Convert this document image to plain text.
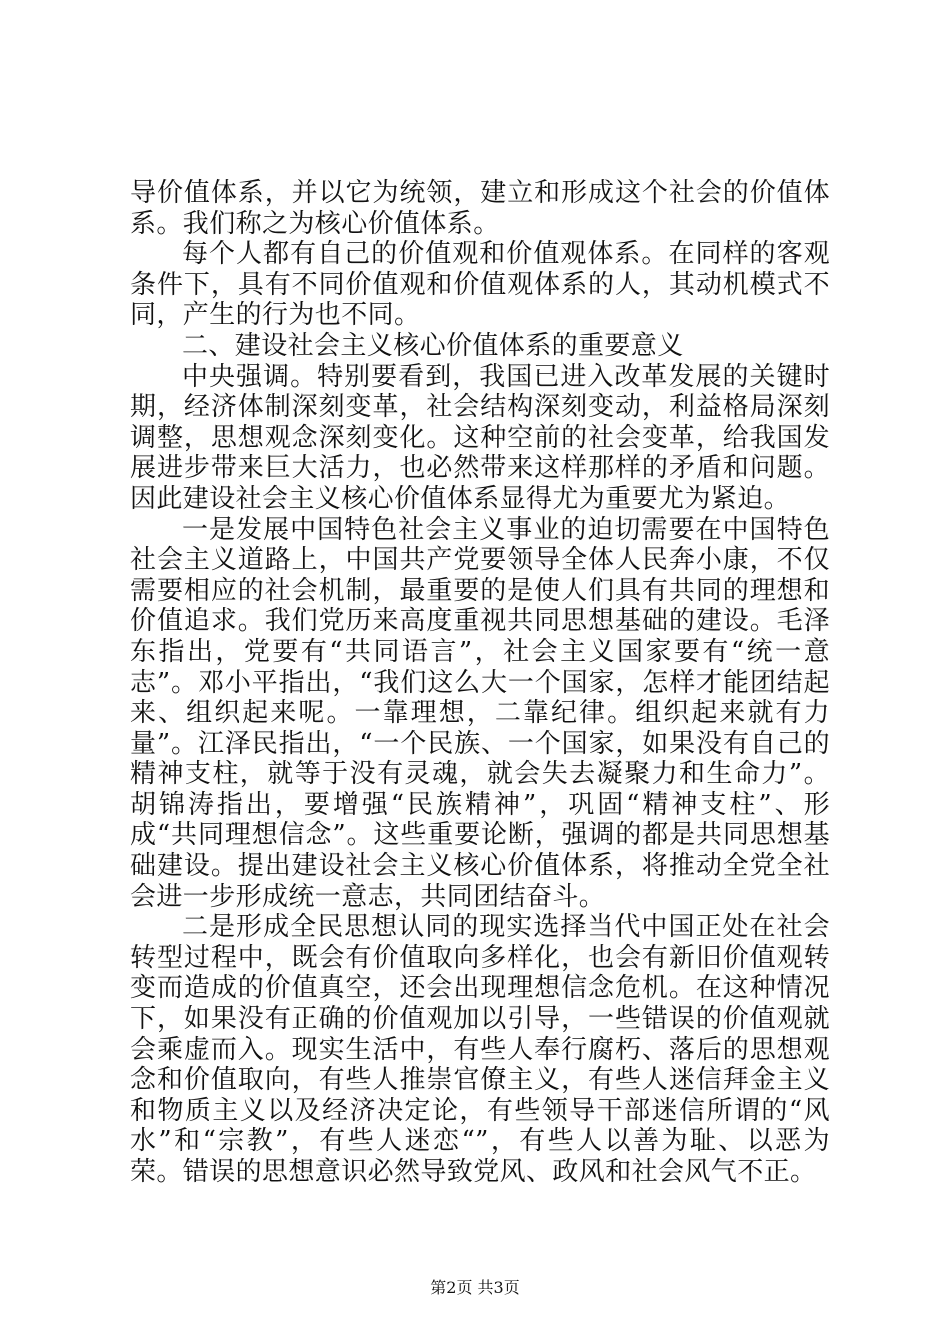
导价值体系，并以它为统领，建立和形成这个社会的价值体系。我们称之为核心价值体系。

每个人都有自己的价值观和价值观体系。在同样的客观条件下，具有不同价值观和价值观体系的人，其动机模式不同，产生的行为也不同。

二、建设社会主义核心价值体系的重要意义

中央强调。特别要看到，我国已进入改革发展的关键时期，经济体制深刻变革，社会结构深刻变动，利益格局深刻调整，思想观念深刻变化。这种空前的社会变革，给我国发展进步带来巨大活力，也必然带来这样那样的矛盾和问题。因此建设社会主义核心价值体系显得尤为重要尤为紧迫。

一是发展中国特色社会主义事业的迫切需要在中国特色社会主义道路上，中国共产党要领导全体人民奔小康，不仅需要相应的社会机制，最重要的是使人们具有共同的理想和价值追求。我们党历来高度重视共同思想基础的建设。毛泽东指出，党要有“共同语言”，社会主义国家要有“统一意志”。邓小平指出，“我们这么大一个国家，怎样才能团结起来、组织起来呢。一靠理想，二靠纪律。组织起来就有力量”。江泽民指出，“一个民族、一个国家，如果没有自己的精神支柱，就等于没有灵魂，就会失去凝聚力和生命力”。胡锦涛指出，要增强“民族精神”，巩固“精神支柱”、形成“共同理想信念”。这些重要论断，强调的都是共同思想基础建设。提出建设社会主义核心价值体系，将推动全党全社会进一步形成统一意志，共同团结奋斗。

二是形成全民思想认同的现实选择当代中国正处在社会转型过程中，既会有价值取向多样化，也会有新旧价值观转变而造成的价值真空，还会出现理想信念危机。在这种情况下，如果没有正确的价值观加以引导，一些错误的价值观就会乘虚而入。现实生活中，有些人奉行腐朽、落后的思想观念和价值取向，有些人推崇官僚主义，有些人迷信拜金主义和物质主义以及经济决定论，有些领导干部迷信所谓的“风水”和“宗教”，有些人迷恋“”，有些人以善为耻、以恶为荣。错误的思想意识必然导致党风、政风和社会风气不正。

第2页 共3页
